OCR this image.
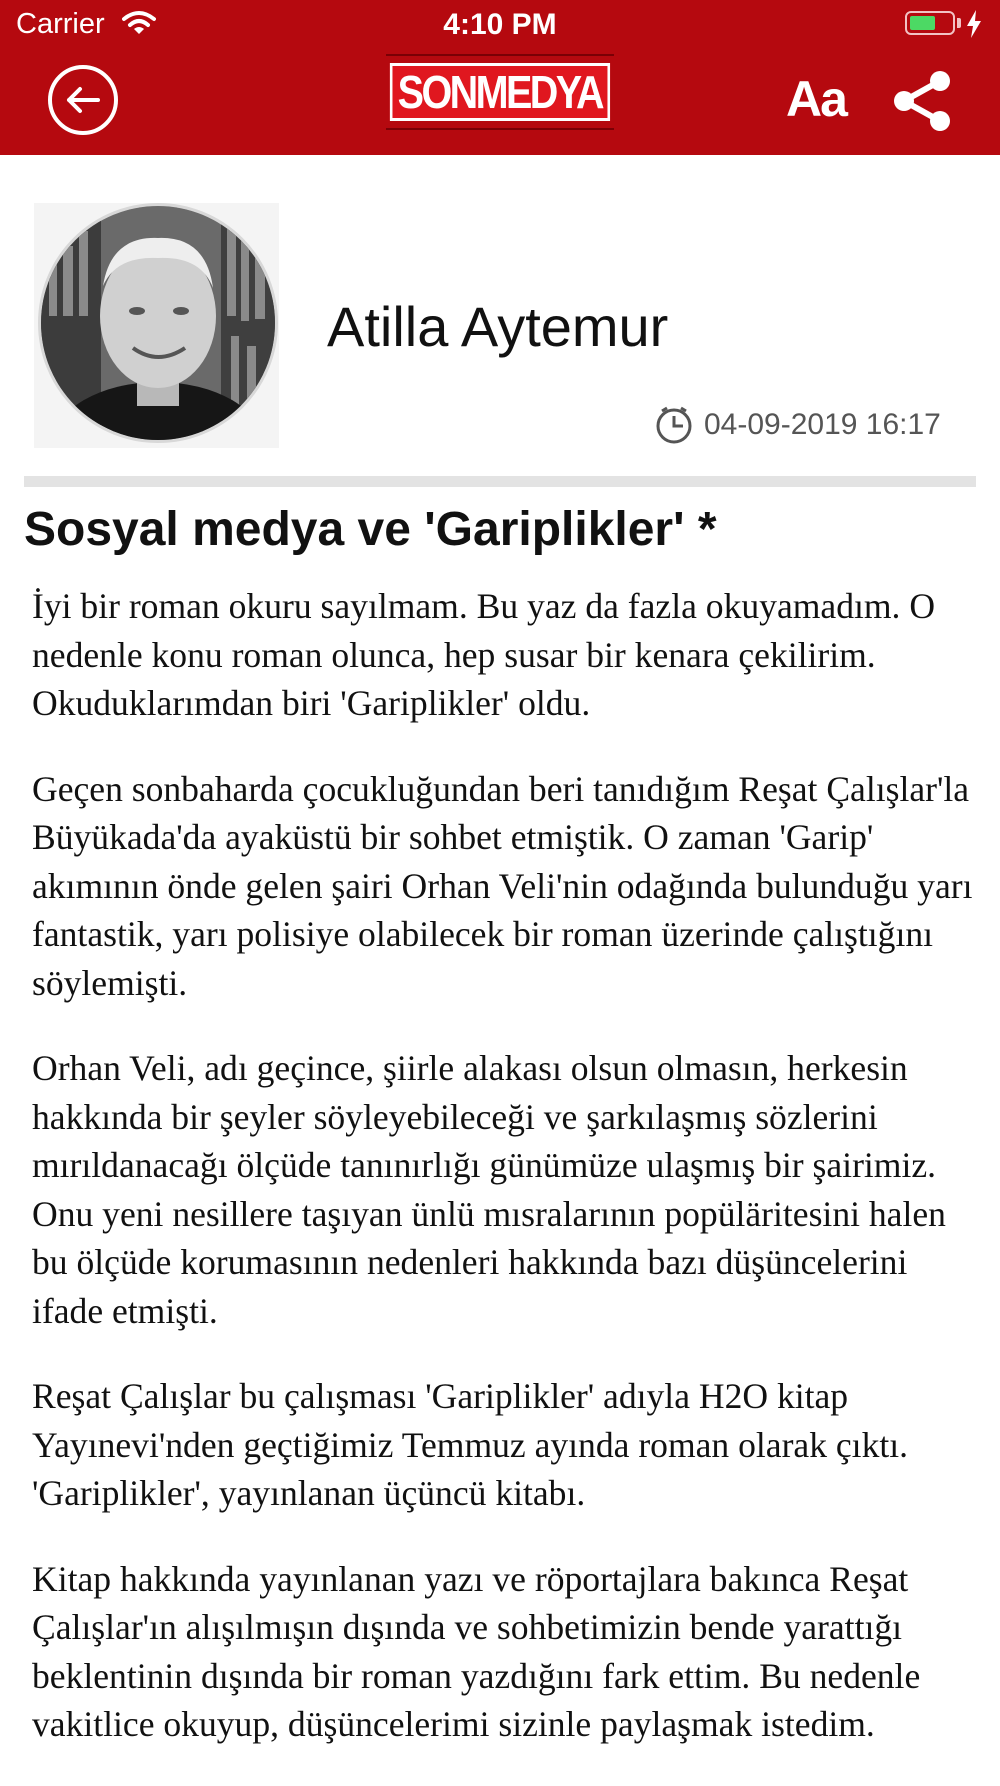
Carrier	4:10 PM
SONMEDYA	Aa
Atilla Aytemur
04-09-2019 16:17
Sosyal medya ve 'Gariplikler' *

İyi bir roman okuru sayılmam. Bu yaz da fazla okuyamadım. O nedenle konu roman olunca, hep susar bir kenara çekilirim. Okuduklarımdan biri 'Gariplikler' oldu.

Geçen sonbaharda çocukluğundan beri tanıdığım Reşat Çalışlar'la Büyükada'da ayaküstü bir sohbet etmiştik. O zaman 'Garip' akımının önde gelen şairi Orhan Veli'nin odağında bulunduğu yarı fantastik, yarı polisiye olabilecek bir roman üzerinde çalıştığını söylemişti.

Orhan Veli, adı geçince, şiirle alakası olsun olmasın, herkesin hakkında bir şeyler söyleyebileceği ve şarkılaşmış sözlerini mırıldanacağı ölçüde tanınırlığı günümüze ulaşmış bir şairimiz. Onu yeni nesillere taşıyan ünlü mısralarının popüläritesini halen bu ölçüde korumasının nedenleri hakkında bazı düşüncelerini ifade etmişti.

Reşat Çalışlar bu çalışması 'Gariplikler' adıyla H2O kitap Yayınevi'nden geçtiğimiz Temmuz ayında roman olarak çıktı. 'Gariplikler', yayınlanan üçüncü kitabı.

Kitap hakkında yayınlanan yazı ve röportajlara bakınca Reşat Çalışlar'ın alışılmışın dışında ve sohbetimizin bende yarattığı beklentinin dışında bir roman yazdığını fark ettim. Bu nedenle vakitlice okuyup, düşüncelerimi sizinle paylaşmak istedim.
